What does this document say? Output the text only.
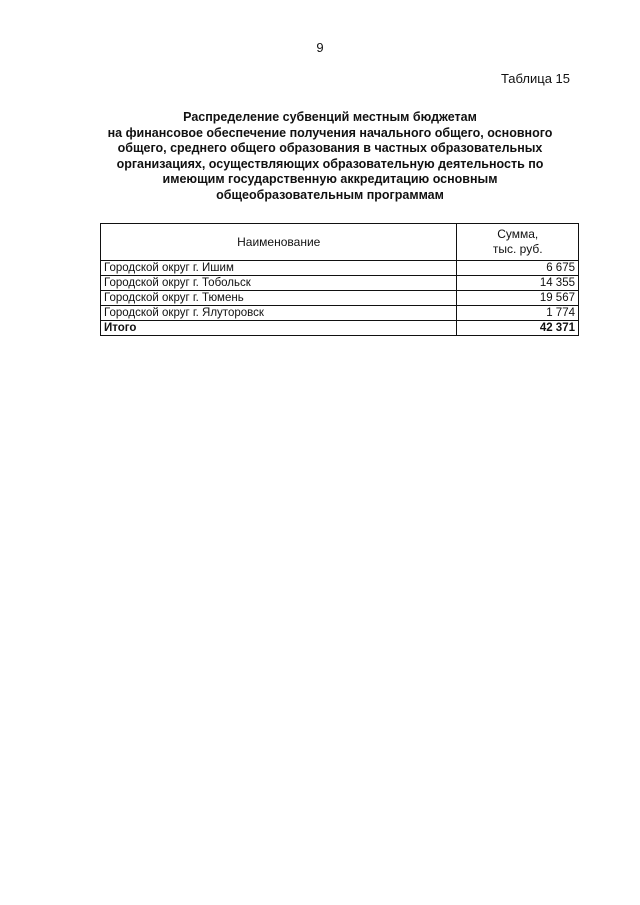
9
Таблица 15
Распределение субвенций местным бюджетам
на финансовое обеспечение получения начального общего, основного
общего, среднего общего образования в частных образовательных
организациях, осуществляющих образовательную деятельность по
имеющим государственную аккредитацию основным
общеобразовательным программам
Наименование	Сумма,
тыс. руб.

Городской округ г. Ишим	6 675
Городской округ г. Тобольск	14 355
Городской округ г. Тюмень	19 567
Городской округ г. Ялуторовск	1 774
Итого	42 371
